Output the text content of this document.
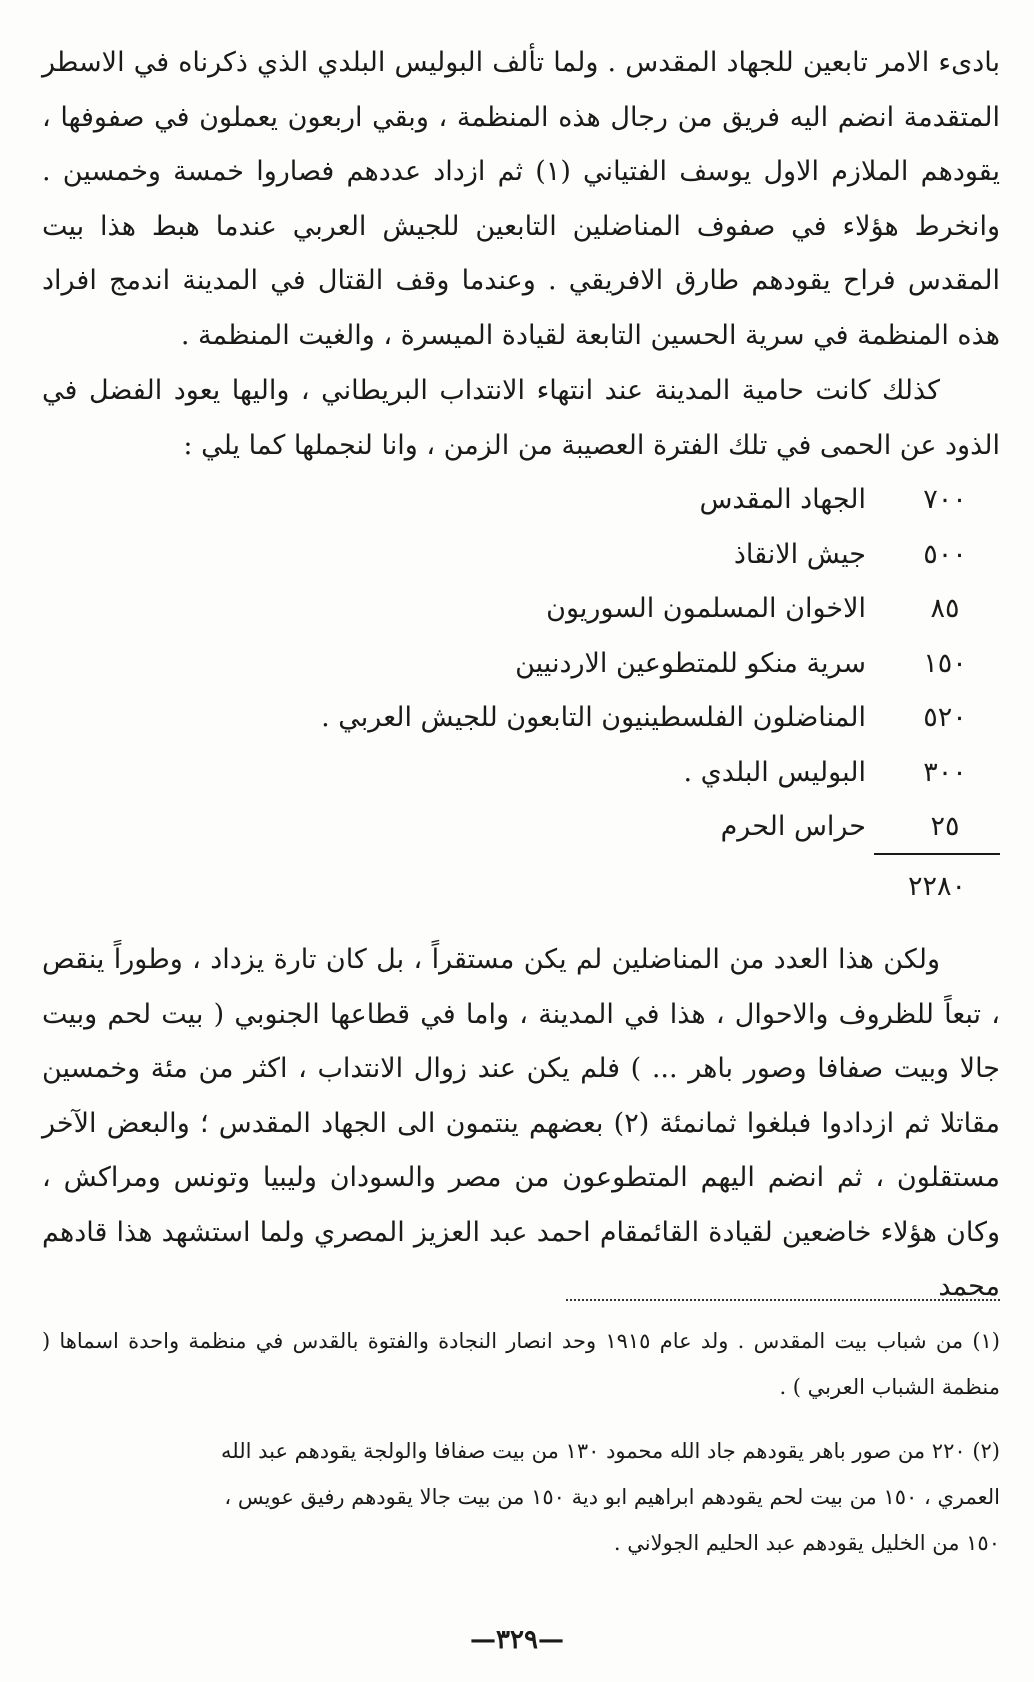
بادىء الامر تابعين للجهاد المقدس . ولما تألف البوليس البلدي الذي ذكرناه في الاسطر المتقدمة انضم اليه فريق من رجال هذه المنظمة ، وبقي اربعون يعملون في صفوفها ، يقودهم الملازم الاول يوسف الفتياني (١) ثم ازداد عددهم فصاروا خمسة وخمسين . وانخرط هؤلاء في صفوف المناضلين التابعين للجيش العربي عندما هبط هذا بيت المقدس فراح يقودهم طارق الافريقي . وعندما وقف القتال في المدينة اندمج افراد هذه المنظمة في سرية الحسين التابعة لقيادة الميسرة ، والغيت المنظمة .

كذلك كانت حامية المدينة عند انتهاء الانتداب البريطاني ، واليها يعود الفضل في الذود عن الحمى في تلك الفترة العصيبة من الزمن ، وانا لنجملها كما يلي :

٧٠٠
الجهاد المقدس
٥٠٠
جيش الانقاذ
٨٥
الاخوان المسلمون السوريون
١٥٠
سرية منكو للمتطوعين الاردنيين
٥٢٠
المناضلون الفلسطينيون التابعون للجيش العربي .
٣٠٠
البوليس البلدي .
٢٥
حراس الحرم
٢٢٨٠

ولكن هذا العدد من المناضلين لم يكن مستقراً ، بل كان تارة يزداد ، وطوراً ينقص ، تبعاً للظروف والاحوال ، هذا في المدينة ، واما في قطاعها الجنوبي ( بيت لحم وبيت جالا وبيت صفافا وصور باهر ... ) فلم يكن عند زوال الانتداب ، اكثر من مئة وخمسين مقاتلا ثم ازدادوا فبلغوا ثمانمئة (٢) بعضهم ينتمون الى الجهاد المقدس ؛ والبعض الآخر مستقلون ، ثم انضم اليهم المتطوعون من مصر والسودان وليبيا وتونس ومراكش ، وكان هؤلاء خاضعين لقيادة القائمقام احمد عبد العزيز المصري ولما استشهد هذا قادهم محمد

(١) من شباب بيت المقدس . ولد عام ١٩١٥ وحد انصار النجادة والفتوة بالقدس في منظمة واحدة اسماها ( منظمة الشباب العربي ) .

(٢) ٢٢٠ من صور باهر يقودهم جاد الله محمود ١٣٠ من بيت صفافا والولجة يقودهم عبد الله

العمري ، ١٥٠ من بيت لحم يقودهم ابراهيم ابو دية ١٥٠ من بيت جالا يقودهم رفيق عويس ،

١٥٠ من الخليل يقودهم عبد الحليم الجولاني .

—٣٢٩—
